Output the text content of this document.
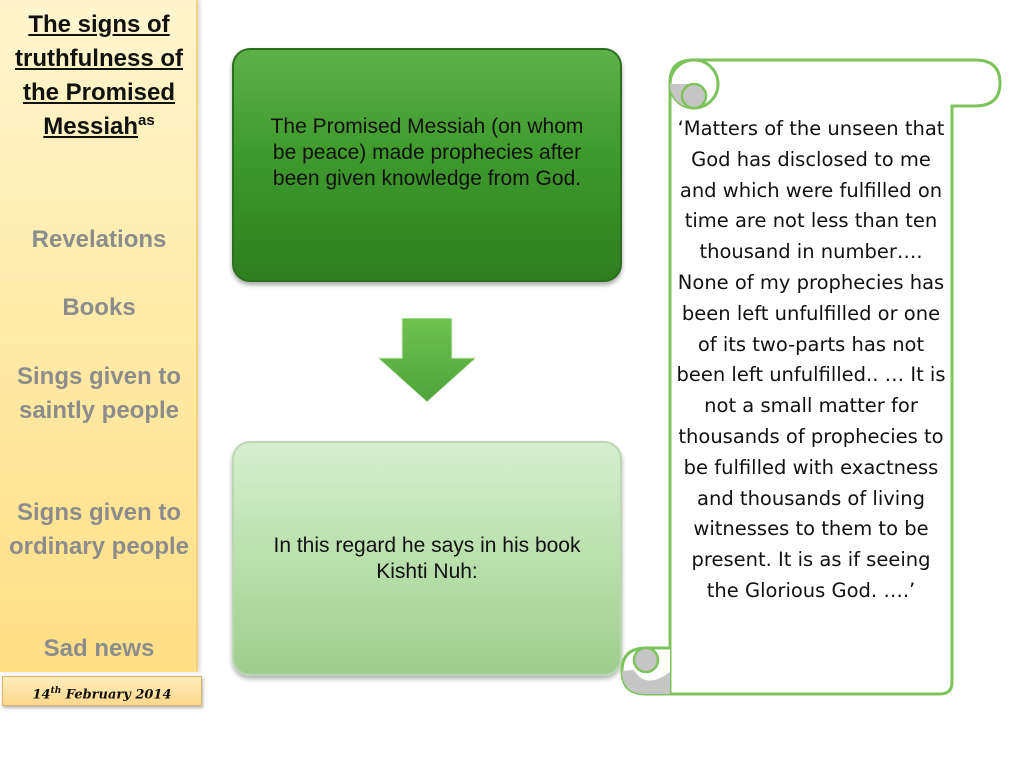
The signs of truthfulness of the Promised Messiah$^{as}$
Revelations
Books
Sings given to saintly people
Signs given to ordinary people
Sad news
14th February 2014
The Promised Messiah (on whom be peace) made prophecies after been given knowledge from God.
In this regard he says in his book Kishti Nuh:
‘Matters of the unseen that God has disclosed to me and which were fulfilled on time are not less than ten thousand in number…. None of my prophecies has been left unfulfilled or one of its two-parts has not been left unfulfilled.. … It is not a small matter for thousands of prophecies to be fulfilled with exactness and thousands of living witnesses to them to be present. It is as if seeing the Glorious God. ….’
